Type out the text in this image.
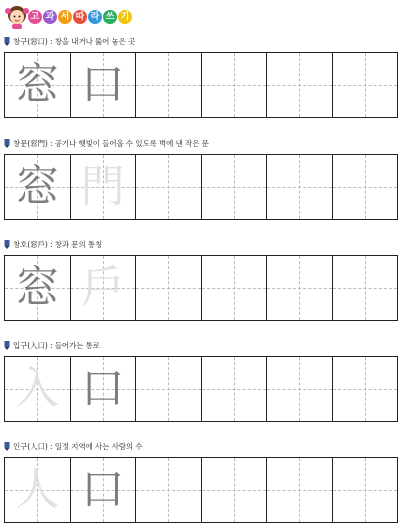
고 과 서 따 라 쓰 기
창구(窓口) : 창을 내거나 뚫어 놓은 곳
窓 口
창문(窓門) : 공기나 햇빛이 들어올 수 있도록 벽에 낸 작은 문
窓 門
창호(窓戶) : 창과 문의 통칭
窓 戶
입구(入口) : 들어가는 통로
入 口
인구(人口) : 일정 지역에 사는 사람의 수
人 口
